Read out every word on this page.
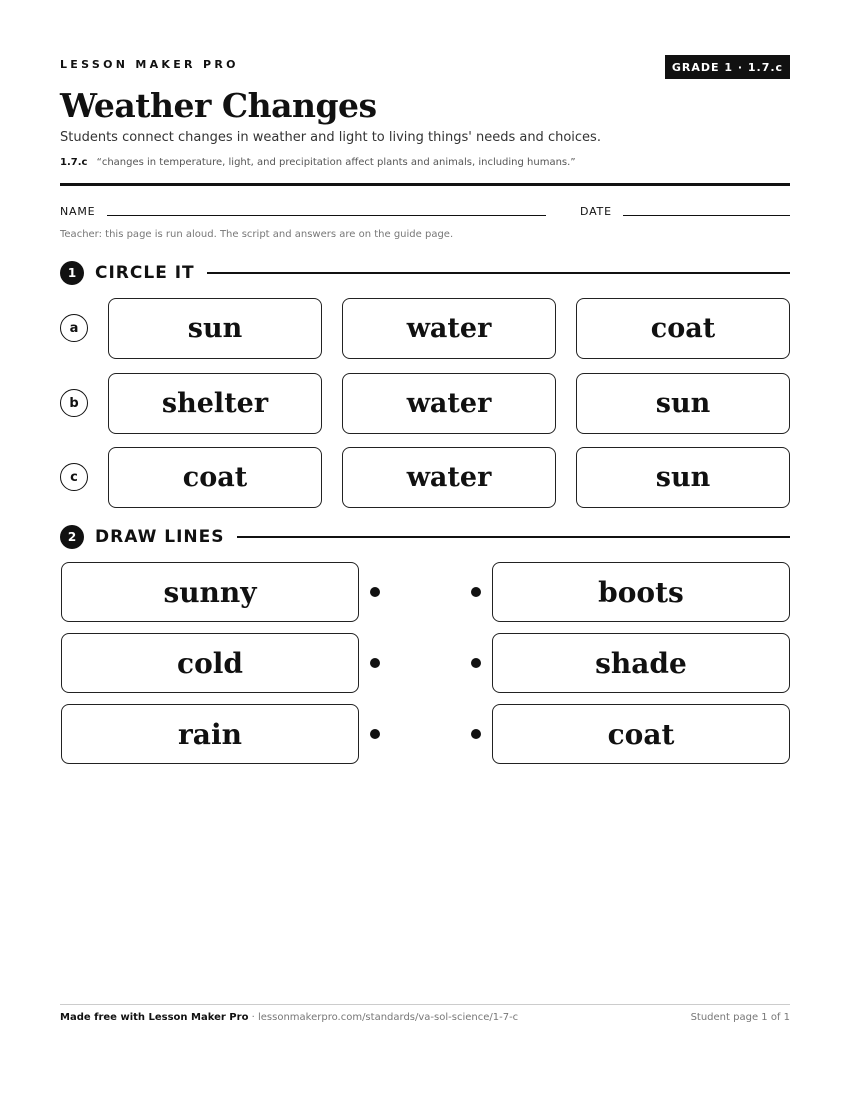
LESSON MAKER PRO	GRADE 1 · 1.7.c
Weather Changes
Students connect changes in weather and light to living things' needs and choices.
1.7.c “changes in temperature, light, and precipitation affect plants and animals, including humans.”
NAME	DATE
Teacher: this page is run aloud. The script and answers are on the guide page.
1	CIRCLE IT
a	sun	water	coat
b	shelter	water	sun
c	coat	water	sun
2	DRAW LINES
sunny	boots
cold	shade
rain	coat
Made free with Lesson Maker Pro · lessonmakerpro.com/standards/va-sol-science/1-7-c	Student page 1 of 1
